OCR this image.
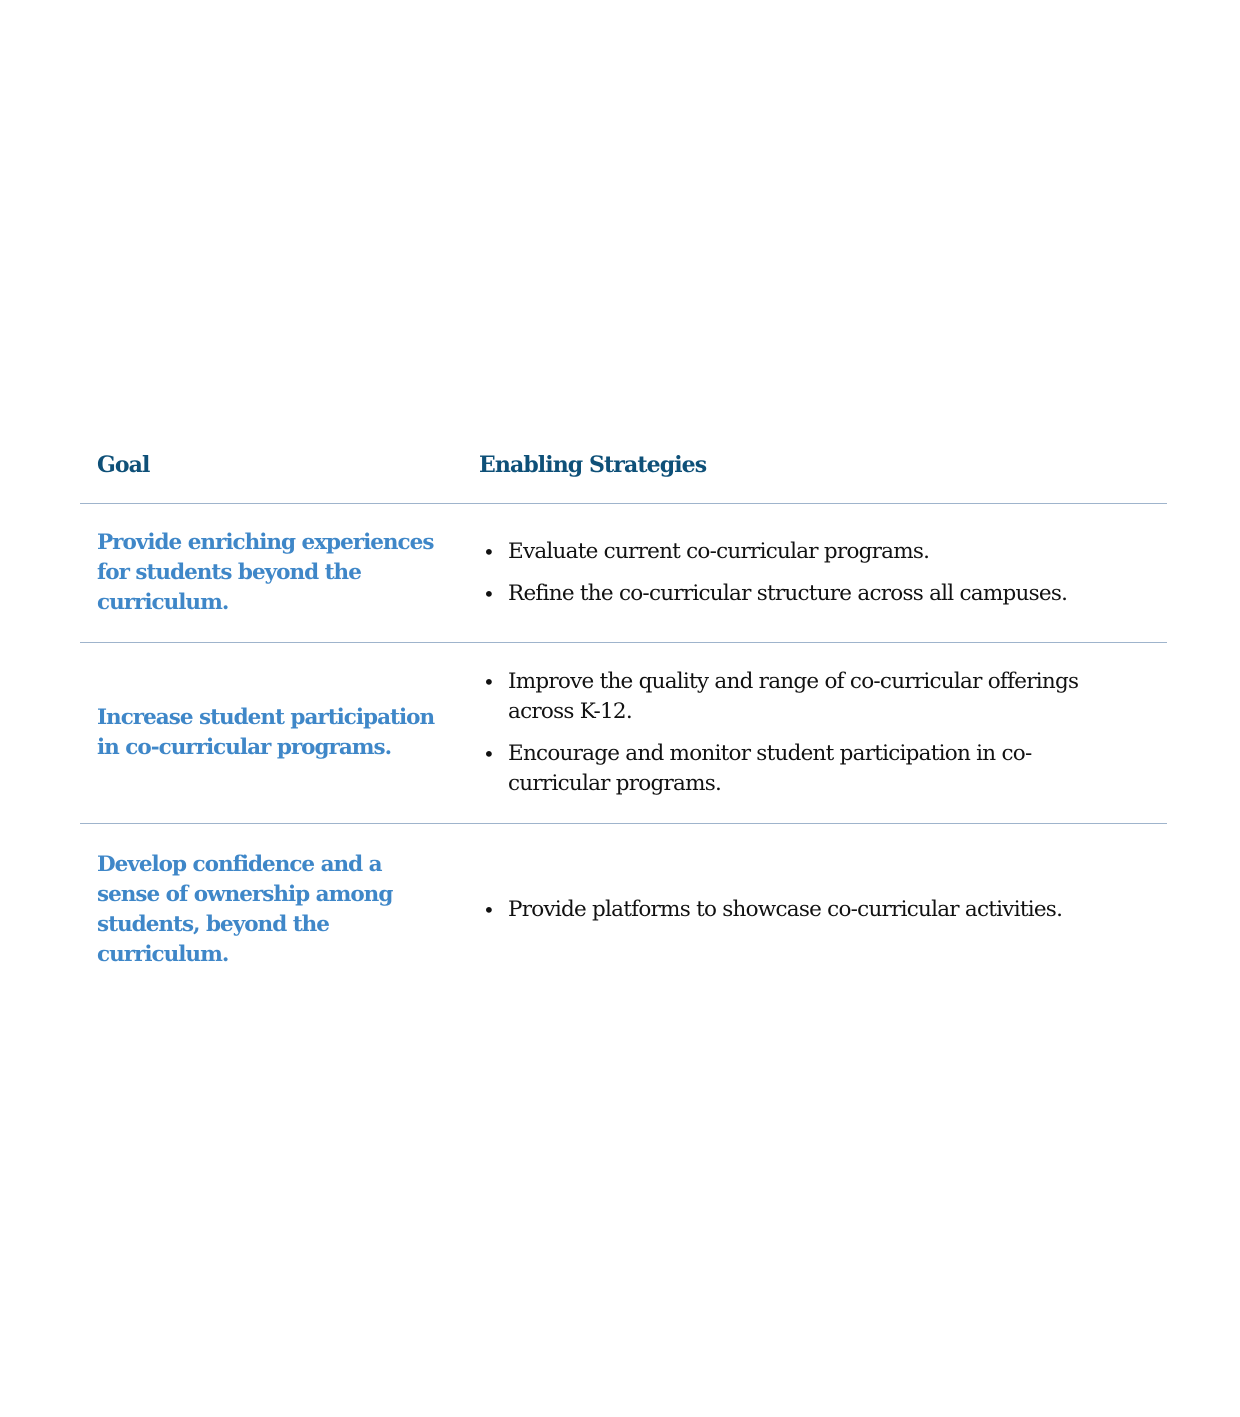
Goal	Enabling Strategies
Provide enriching experiences
for students beyond the
curriculum.
• Evaluate current co-curricular programs.
• Refine the co-curricular structure across all campuses.
Increase student participation
in co-curricular programs.
• Improve the quality and range of co-curricular offerings
across K-12.
• Encourage and monitor student participation in co-
curricular programs.
Develop confidence and a
sense of ownership among
students, beyond the
curriculum.
• Provide platforms to showcase co-curricular activities.
